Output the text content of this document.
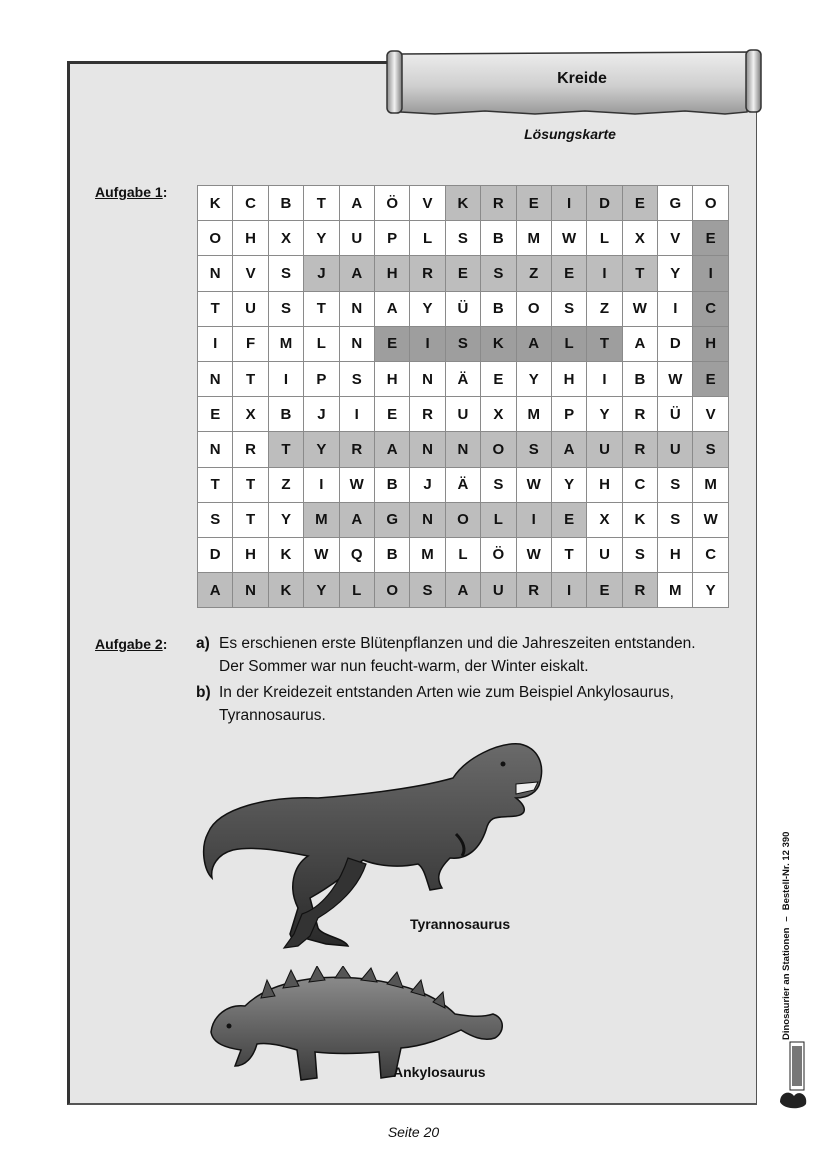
Kreide
Lösungskarte
Aufgabe 1:
K	C	B	T	A	Ö	V	K	R	E	I	D	E	G	O
O	H	X	Y	U	P	L	S	B	M	W	L	X	V	E
N	V	S	J	A	H	R	E	S	Z	E	I	T	Y	I
T	U	S	T	N	A	Y	Ü	B	O	S	Z	W	I	C
I	F	M	L	N	E	I	S	K	A	L	T	A	D	H
N	T	I	P	S	H	N	Ä	E	Y	H	I	B	W	E
E	X	B	J	I	E	R	U	X	M	P	Y	R	Ü	V
N	R	T	Y	R	A	N	N	O	S	A	U	R	U	S
T	T	Z	I	W	B	J	Ä	S	W	Y	H	C	S	M
S	T	Y	M	A	G	N	O	L	I	E	X	K	S	W
D	H	K	W	Q	B	M	L	Ö	W	T	U	S	H	C
A	N	K	Y	L	O	S	A	U	R	I	E	R	M	Y
Aufgabe 2: a) Es erschienen erste Blütenpflanzen und die Jahreszeiten entstanden.
Der Sommer war nun feucht-warm, der Winter eiskalt.
b) In der Kreidezeit entstanden Arten wie zum Beispiel Ankylosaurus,
Tyrannosaurus.
Tyrannosaurus
Ankylosaurus
Seite 20
Dinosaurier an Stationen–Bestell-Nr. 12 390
